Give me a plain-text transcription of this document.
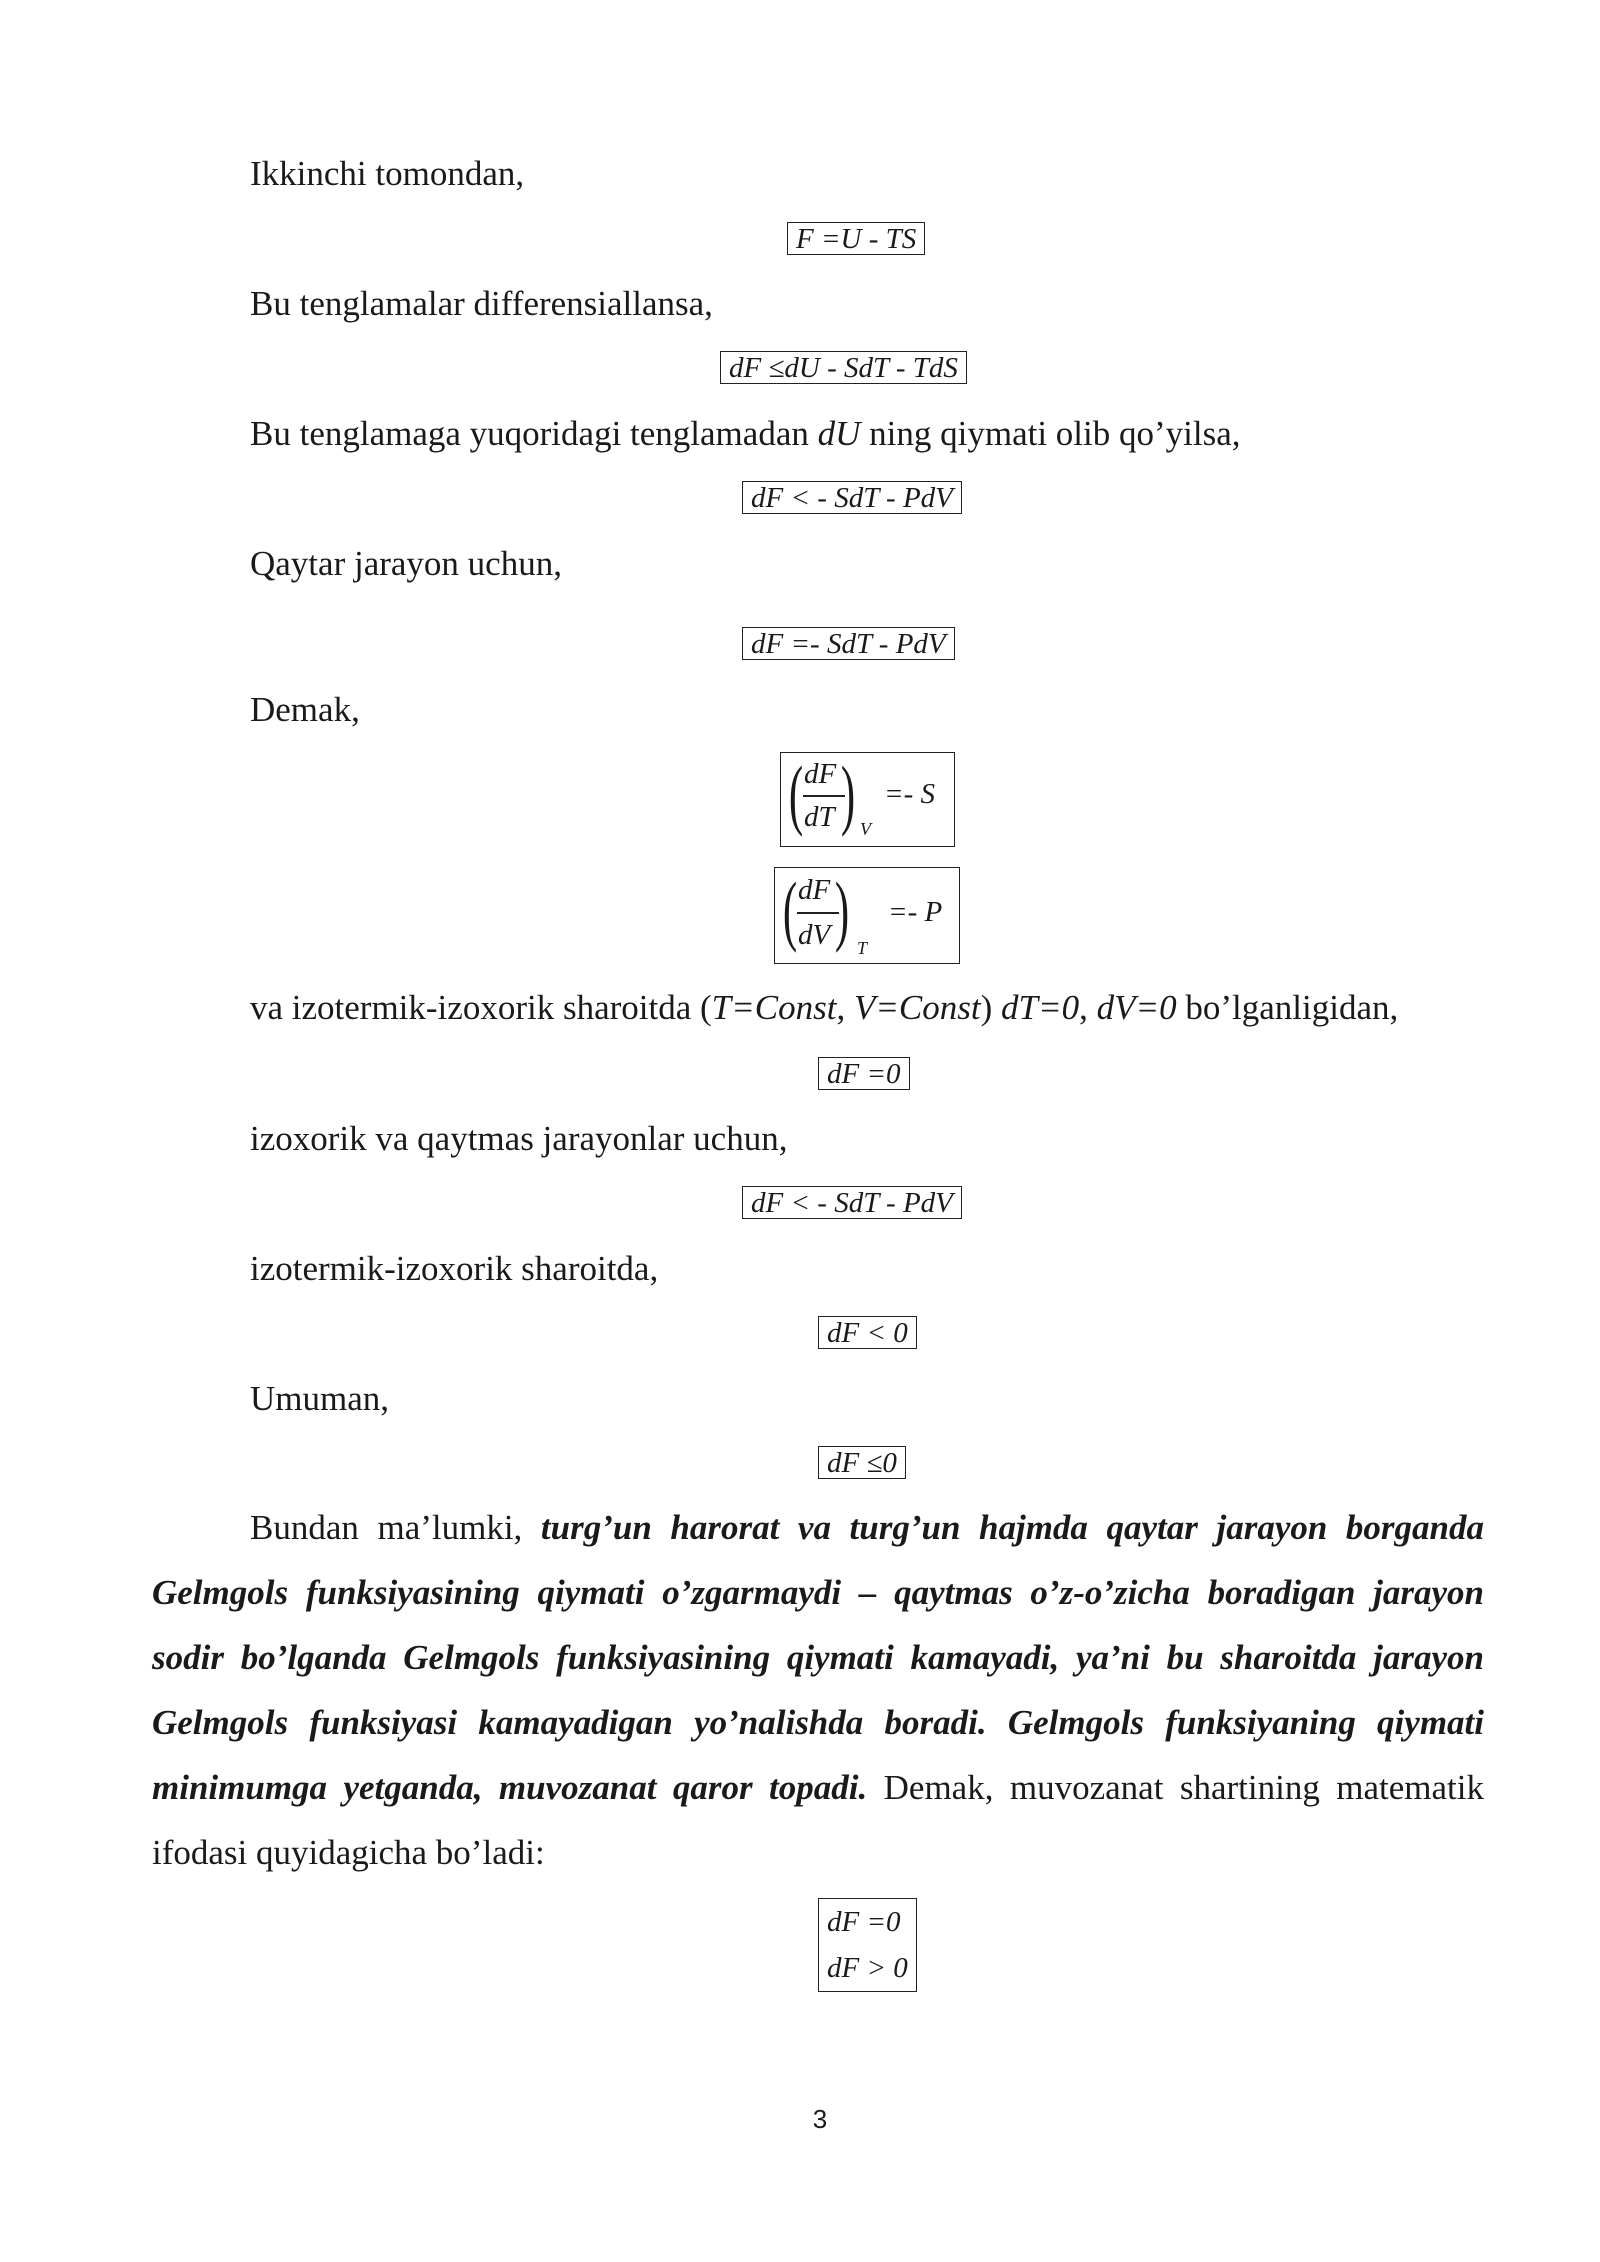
Ikkinchi tomondan,
F =U - TS
Bu tenglamalar differensiallansa,
dF ≤dU - SdT - TdS
Bu tenglamaga yuqoridagi tenglamadan dU ning qiymati olib qo’yilsa,
dF < - SdT - PdV
Qaytar jarayon uchun,
dF =- SdT - PdV
Demak,
( dF
dT ) V
=- S
( dF
dV ) T
=- P
va izotermik-izoxorik sharoitda (T=Const, V=Const) dT=0, dV=0 bo’lganligidan,
dF =0
izoxorik va qaytmas jarayonlar uchun,
dF < - SdT - PdV
izotermik-izoxorik sharoitda,
dF < 0
Umuman,
dF ≤0
Bundan ma’lumki, turg’un harorat va turg’un hajmda qaytar jarayon borganda Gelmgols funksiyasining qiymati o’zgarmaydi – qaytmas o’z-o’zicha boradigan jarayon sodir bo’lganda Gelmgols funksiyasining qiymati kamayadi, ya’ni bu sharoitda jarayon Gelmgols funksiyasi kamayadigan yo’nalishda boradi. Gelmgols funksiyaning qiymati minimumga yetganda, muvozanat qaror topadi. Demak, muvozanat shartining matematik ifodasi quyidagicha bo’ladi:
dF =0
dF > 0
3
